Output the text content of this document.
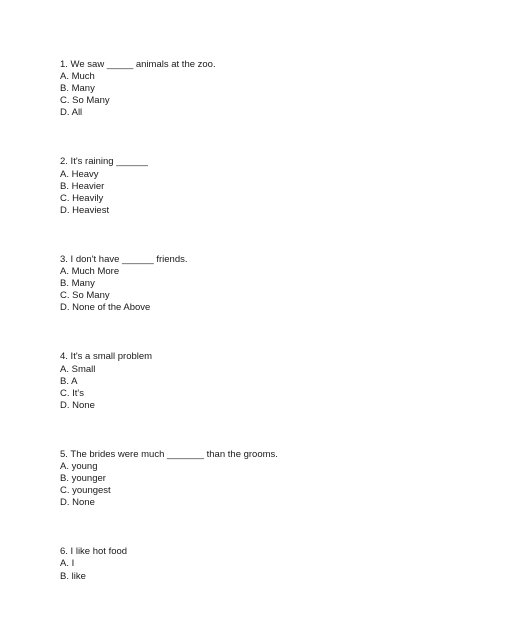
1. We saw _____ animals at the zoo.
A. Much
B. Many
C. So Many
D. All
2. It's raining ______
A. Heavy
B. Heavier
C. Heavily
D. Heaviest
3. I don't have ______ friends.
A. Much More
B. Many
C. So Many
D. None of the Above
4. It's a small problem
A. Small
B. A
C. It's
D. None
5. The brides were much _______ than the grooms.
A. young
B. younger
C. youngest
D. None
6. I like hot food
A. I
B. like
